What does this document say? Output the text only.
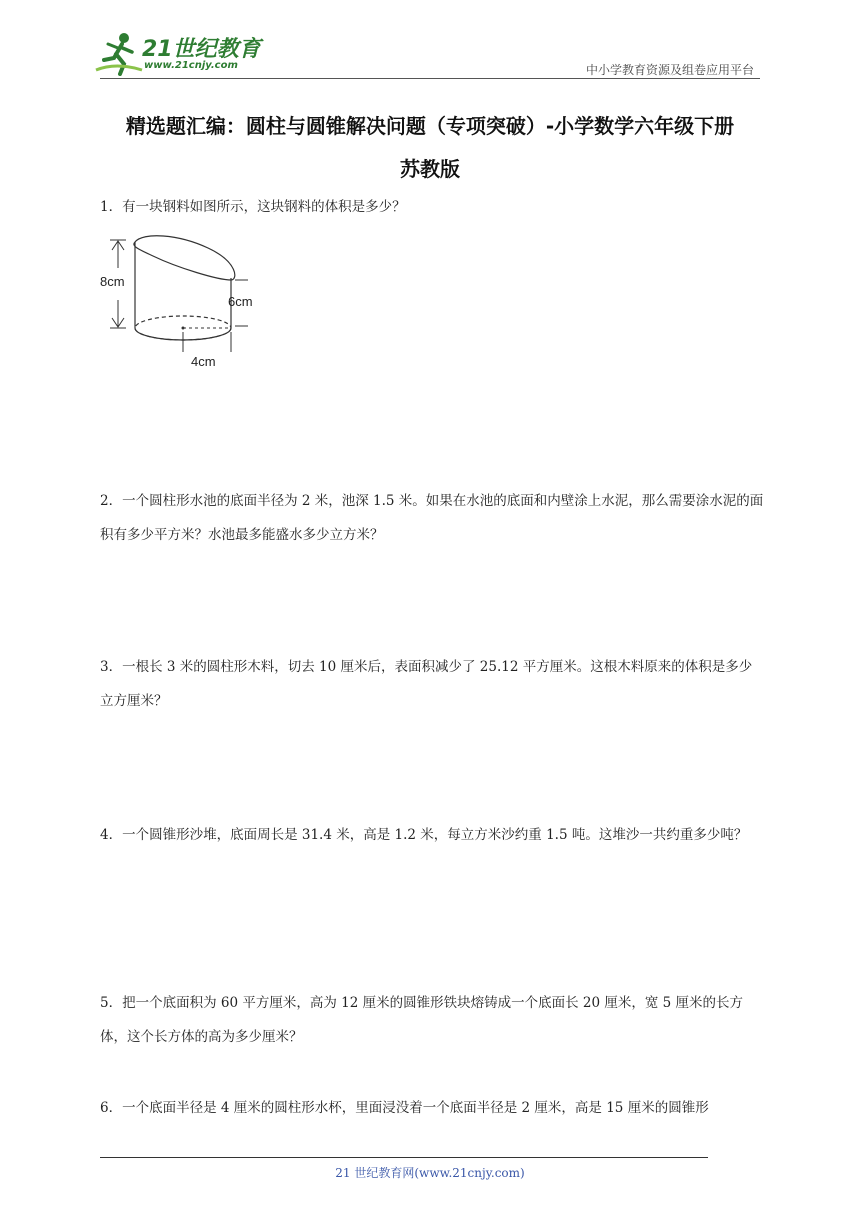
21世纪教育
www.21cnjy.com	中小学教育资源及组卷应用平台
精选题汇编：圆柱与圆锥解决问题（专项突破）-小学数学六年级下册
苏教版
1．有一块钢料如图所示，这块钢料的体积是多少？
8cm
6cm
4cm
2．一个圆柱形水池的底面半径为 2 米，池深 1.5 米。如果在水池的底面和内壁涂上水泥，那么需要涂水泥的面积有多少平方米？水池最多能盛水多少立方米？
3．一根长 3 米的圆柱形木料，切去 10 厘米后，表面积减少了 25.12 平方厘米。这根木料原来的体积是多少立方厘米？
4．一个圆锥形沙堆，底面周长是 31.4 米，高是 1.2 米，每立方米沙约重 1.5 吨。这堆沙一共约重多少吨？
5．把一个底面积为 60 平方厘米，高为 12 厘米的圆锥形铁块熔铸成一个底面长 20 厘米，宽 5 厘米的长方体，这个长方体的高为多少厘米？
6．一个底面半径是 4 厘米的圆柱形水杯，里面浸没着一个底面半径是 2 厘米，高是 15 厘米的圆锥形
21 世纪教育网(www.21cnjy.com)
